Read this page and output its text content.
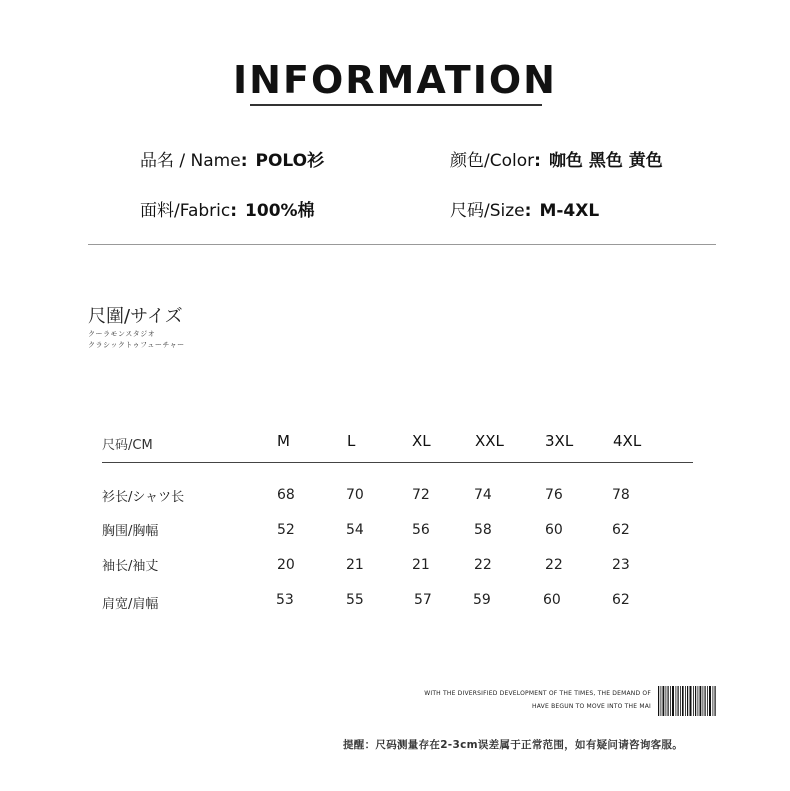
INFORMATION
品名 / Name: POLO衫	颜色/Color: 咖色 黑色 黄色
面料/Fabric: 100%棉	尺码/Size: M-4XL
尺圍/サイズ
クーラモンスタジオ
クラシックトゥフューチャー
尺码/CM	M	L	XL	XXL	3XL	4XL
衫长/シャツ长	68	70	72	74	76	78
胸围/胸幅	52	54	56	58	60	62
袖长/袖丈	20	21	21	22	22	23
肩宽/肩幅	53	55	57	59	60	62
WITH THE DIVERSIFIED DEVELOPMENT OF THE TIMES, THE DEMAND OF
HAVE BEGUN TO MOVE INTO THE MAI
提醒：尺码测量存在2-3cm误差属于正常范围，如有疑问请咨询客服。
